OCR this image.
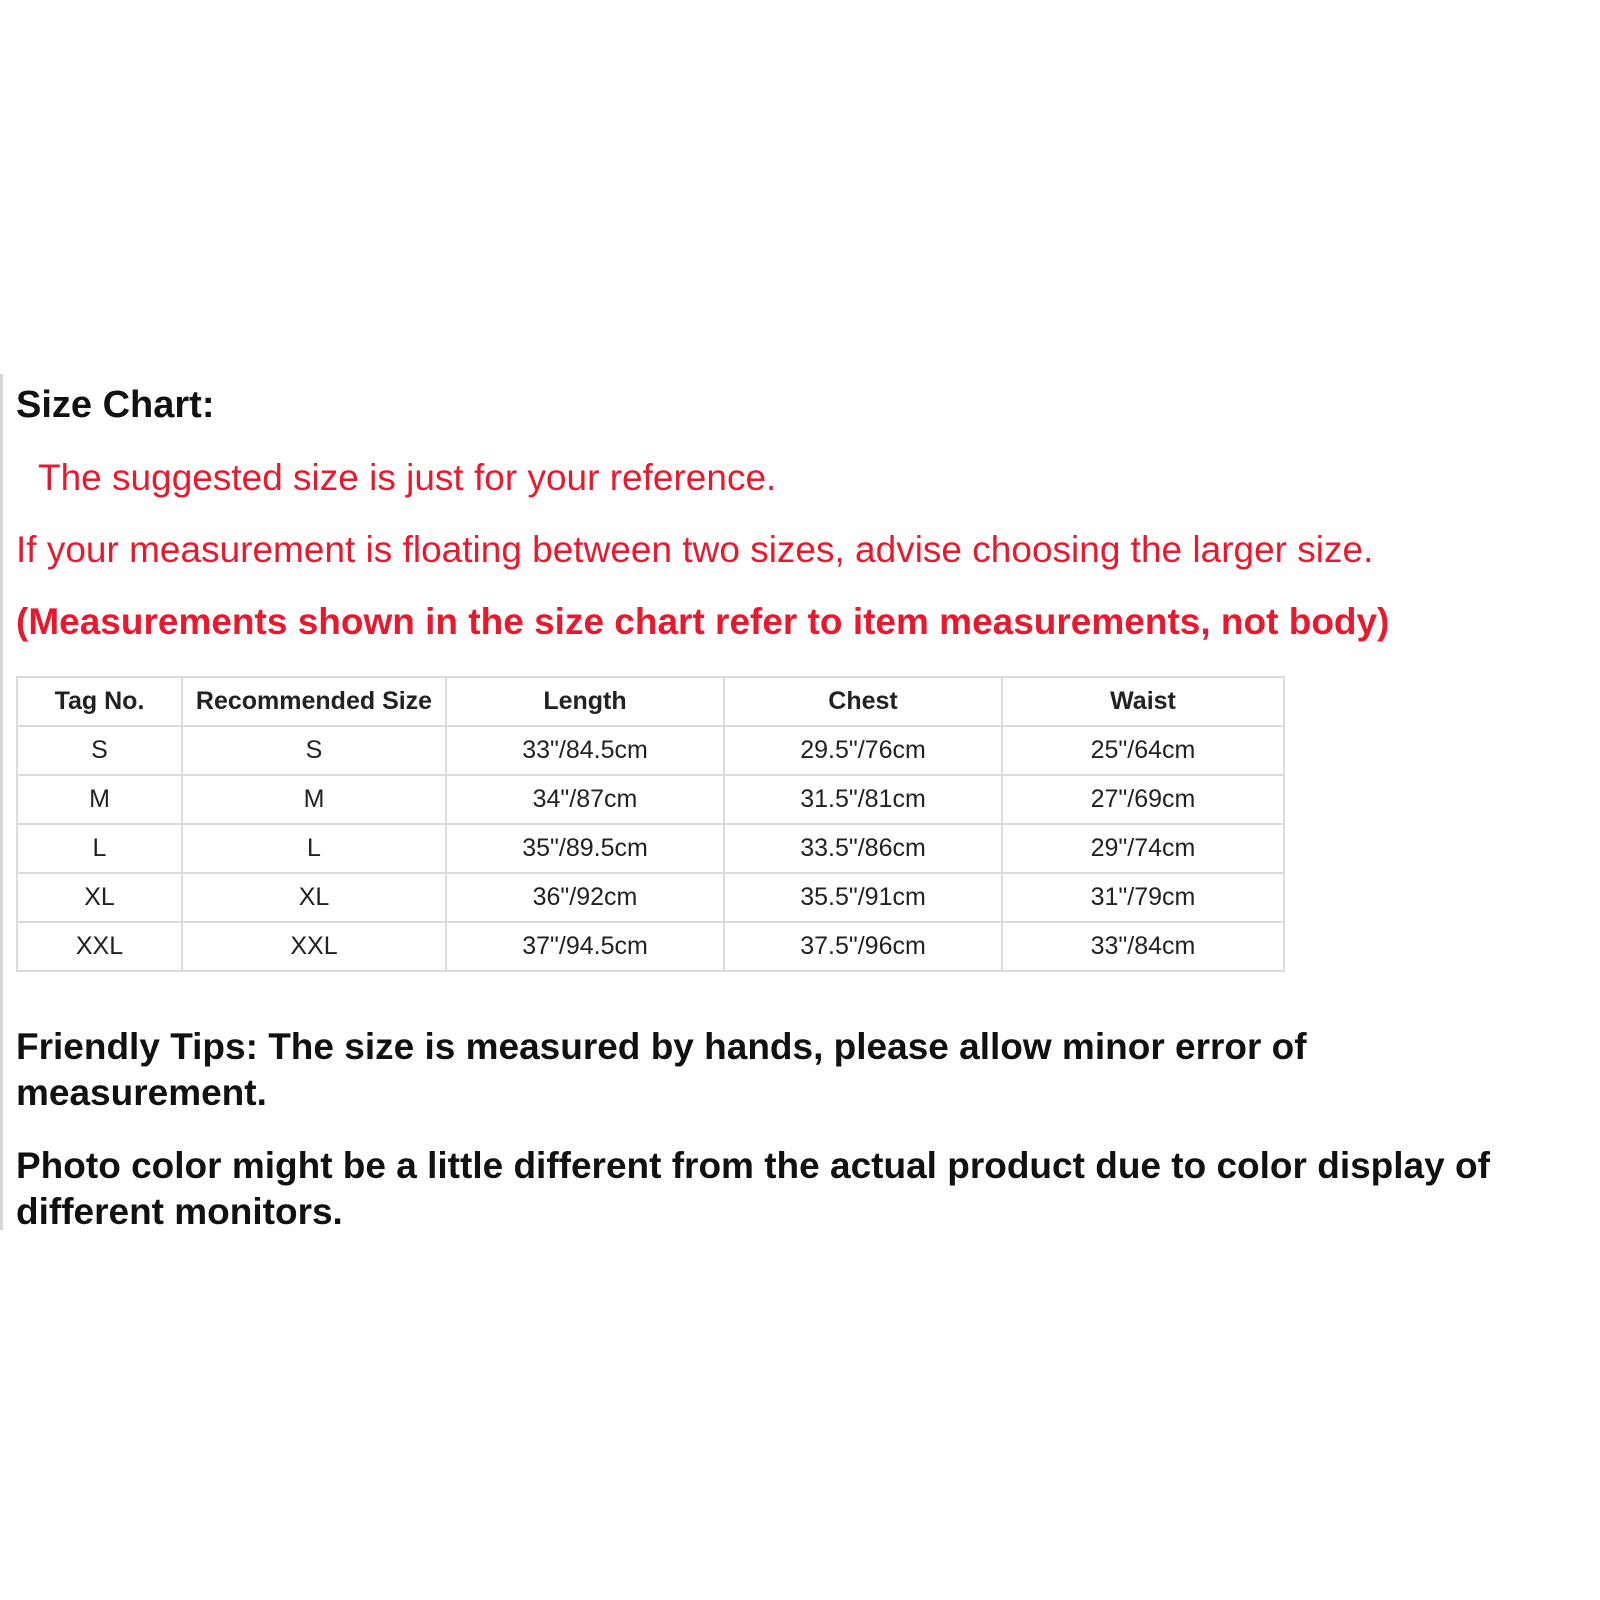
Size Chart:

The suggested size is just for your reference.

If your measurement is floating between two sizes, advise choosing the larger size.

(Measurements shown in the size chart refer to item measurements, not body)

Tag No.	Recommended Size	Length	Chest	Waist
S	S	33"/84.5cm	29.5"/76cm	25"/64cm
M	M	34"/87cm	31.5"/81cm	27"/69cm
L	L	35"/89.5cm	33.5"/86cm	29"/74cm
XL	XL	36"/92cm	35.5"/91cm	31"/79cm
XXL	XXL	37"/94.5cm	37.5"/96cm	33"/84cm

Friendly Tips: The size is measured by hands, please allow minor error of measurement.

Photo color might be a little different from the actual product due to color display of different monitors.
